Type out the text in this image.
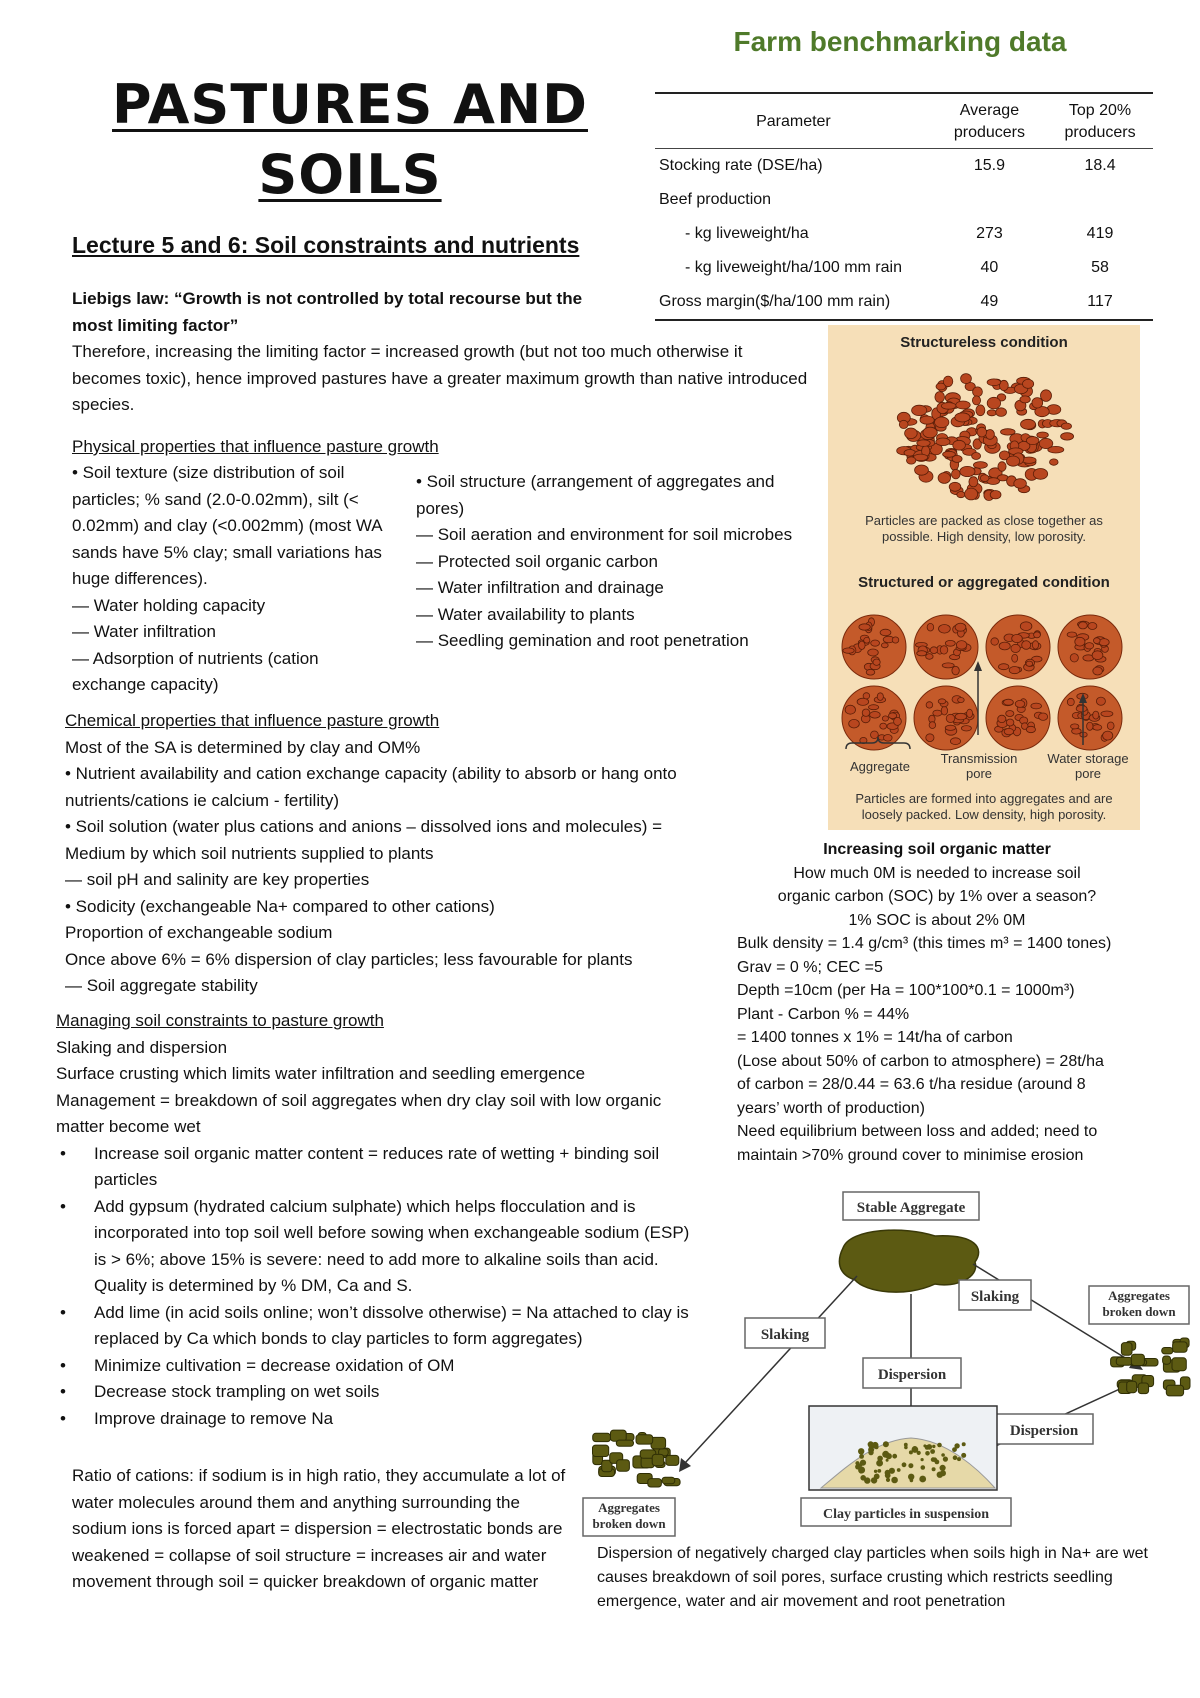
PASTURES AND
SOILS
Lecture 5 and 6: Soil constraints and nutrients
Liebigs law: “Growth is not controlled by total recourse but the most limiting factor”
Therefore, increasing the limiting factor = increased growth (but not too much otherwise it becomes toxic), hence improved pastures have a greater maximum growth than native introduced species.
Physical properties that influence pasture growth
• Soil texture (size distribution of soil particles; % sand (2.0-0.02mm), silt (< 0.02mm) and clay (<0.002mm) (most WA sands have 5% clay; small variations has huge differences).
— Water holding capacity
— Water infiltration
— Adsorption of nutrients (cation exchange capacity)
• Soil structure (arrangement of aggregates and pores)
— Soil aeration and environment for soil microbes
— Protected soil organic carbon
— Water infiltration and drainage
— Water availability to plants
— Seedling gemination and root penetration
Chemical properties that influence pasture growth
Most of the SA is determined by clay and OM%
• Nutrient availability and cation exchange capacity (ability to absorb or hang onto nutrients/cations ie calcium - fertility)
• Soil solution (water plus cations and anions – dissolved ions and molecules) = Medium by which soil nutrients supplied to plants
— soil pH and salinity are key properties
• Sodicity (exchangeable Na+ compared to other cations)
Proportion of exchangeable sodium
Once above 6% = 6% dispersion of clay particles; less favourable for plants
— Soil aggregate stability
Managing soil constraints to pasture growth
Slaking and dispersion
Surface crusting which limits water infiltration and seedling emergence
Management = breakdown of soil aggregates when dry clay soil with low organic matter become wet
• Increase soil organic matter content = reduces rate of wetting + binding soil particles
• Add gypsum (hydrated calcium sulphate) which helps flocculation and is incorporated into top soil well before sowing when exchangeable sodium (ESP) is > 6%; above 15% is severe: need to add more to alkaline soils than acid. Quality is determined by % DM, Ca and S.
• Add lime (in acid soils online; won’t dissolve otherwise) = Na attached to clay is replaced by Ca which bonds to clay particles to form aggregates)
• Minimize cultivation = decrease oxidation of OM
• Decrease stock trampling on wet soils
• Improve drainage to remove Na
Ratio of cations: if sodium is in high ratio, they accumulate a lot of water molecules around them and anything surrounding the sodium ions is forced apart = dispersion = electrostatic bonds are weakened = collapse of soil structure = increases air and water movement through soil = quicker breakdown of organic matter
Farm benchmarking data
Parameter	Average producers	Top 20% producers
Stocking rate (DSE/ha)	15.9	18.4
Beef production		
- kg liveweight/ha	273	419
- kg liveweight/ha/100 mm rain	40	58
Gross margin($/ha/100 mm rain)	49	117
Structureless condition
Particles are packed as close together as possible. High density, low porosity.
Structured or aggregated condition
Aggregate
Transmission pore
Water storage pore
Particles are formed into aggregates and are loosely packed. Low density, high porosity.
Increasing soil organic matter
How much 0M is needed to increase soil organic carbon (SOC) by 1% over a season?
1% SOC is about 2% 0M
Bulk density = 1.4 g/cm³ (this times m³ = 1400 tones)
Grav = 0 %; CEC =5
Depth =10cm (per Ha = 100*100*0.1 = 1000m³)
Plant - Carbon % = 44%
= 1400 tonnes x 1% = 14t/ha of carbon
(Lose about 50% of carbon to atmosphere) = 28t/ha of carbon = 28/0.44 = 63.6 t/ha residue (around 8 years’ worth of production)
Need equilibrium between loss and added; need to maintain >70% ground cover to minimise erosion
Stable Aggregate
Slaking
Slaking
Dispersion
Dispersion
Clay particles in suspension
Aggregates broken down
Aggregates broken down
Dispersion of negatively charged clay particles when soils high in Na+ are wet causes breakdown of soil pores, surface crusting which restricts seedling emergence, water and air movement and root penetration
